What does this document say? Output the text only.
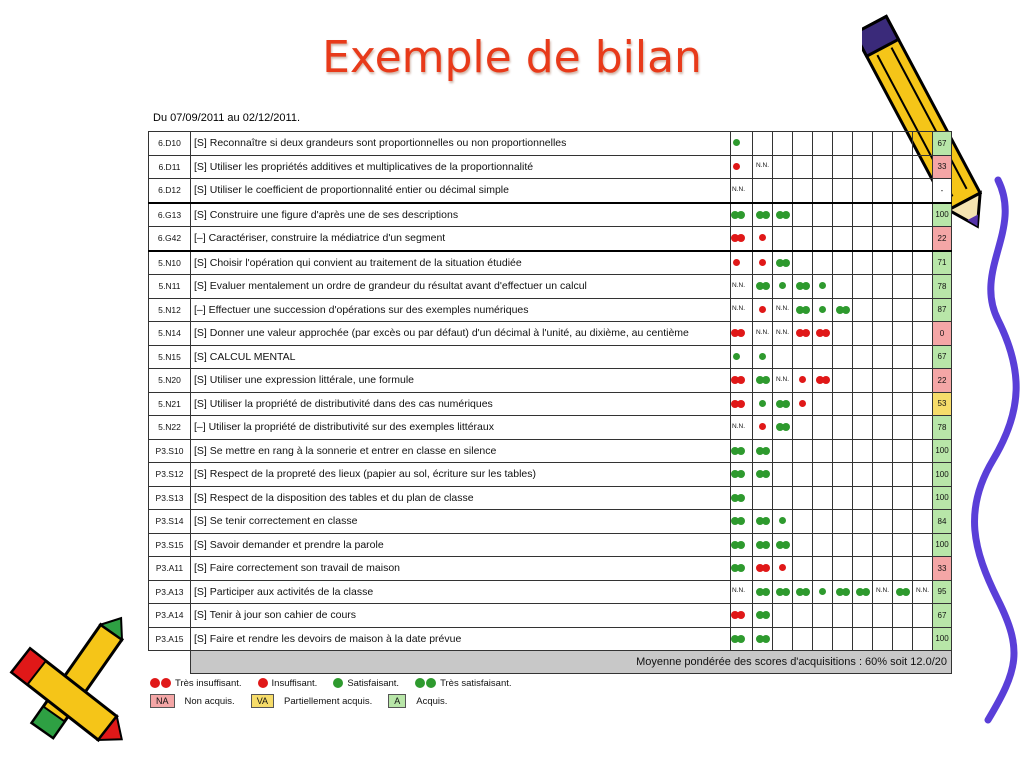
Exemple de bilan
Du 07/09/2011 au 02/12/2011.
6.D10	[S] Reconnaître si deux grandeurs sont proportionnelles ou non proportionnelles											67
6.D11	[S] Utiliser les propriétés additives et multiplicatives de la proportionnalité		N.N.									33
6.D12	[S] Utiliser le coefficient de proportionnalité entier ou décimal simple	N.N.										-
6.G13	[S] Construire une figure d'après une de ses descriptions											100
6.G42	[–] Caractériser, construire la médiatrice d'un segment											22
5.N10	[S] Choisir l'opération qui convient au traitement de la situation étudiée											71
5.N11	[S] Evaluer mentalement un ordre de grandeur du résultat avant d'effectuer un calcul	N.N.										78
5.N12	[–] Effectuer une succession d'opérations sur des exemples numériques	N.N.		N.N.								87
5.N14	[S] Donner une valeur approchée (par excès ou par défaut) d'un décimal à l'unité, au dixième, au centième		N.N.	N.N.								0
5.N15	[S] CALCUL MENTAL											67
5.N20	[S] Utiliser une expression littérale, une formule			N.N.								22
5.N21	[S] Utiliser la propriété de distributivité dans des cas numériques											53
5.N22	[–] Utiliser la propriété de distributivité sur des exemples littéraux	N.N.										78
P3.S10	[S] Se mettre en rang à la sonnerie et entrer en classe en silence											100
P3.S12	[S] Respect de la propreté des lieux (papier au sol, écriture sur les tables)											100
P3.S13	[S] Respect de la disposition des tables et du plan de classe											100
P3.S14	[S] Se tenir correctement en classe											84
P3.S15	[S] Savoir demander et prendre la parole											100
P3.A11	[S] Faire correctement son travail de maison											33
P3.A13	[S] Participer aux activités de la classe	N.N.							N.N.		N.N.	95
P3.A14	[S] Tenir à jour son cahier de cours											67
P3.A15	[S] Faire et rendre les devoirs de maison à la date prévue											100
	Moyenne pondérée des scores d'acquisitions : 60% soit 12.0/20											
Très insuffisant.	Insuffisant.	Satisfaisant.	Très satisfaisant.
NA	Non acquis.	VA	Partiellement acquis.	A	Acquis.
